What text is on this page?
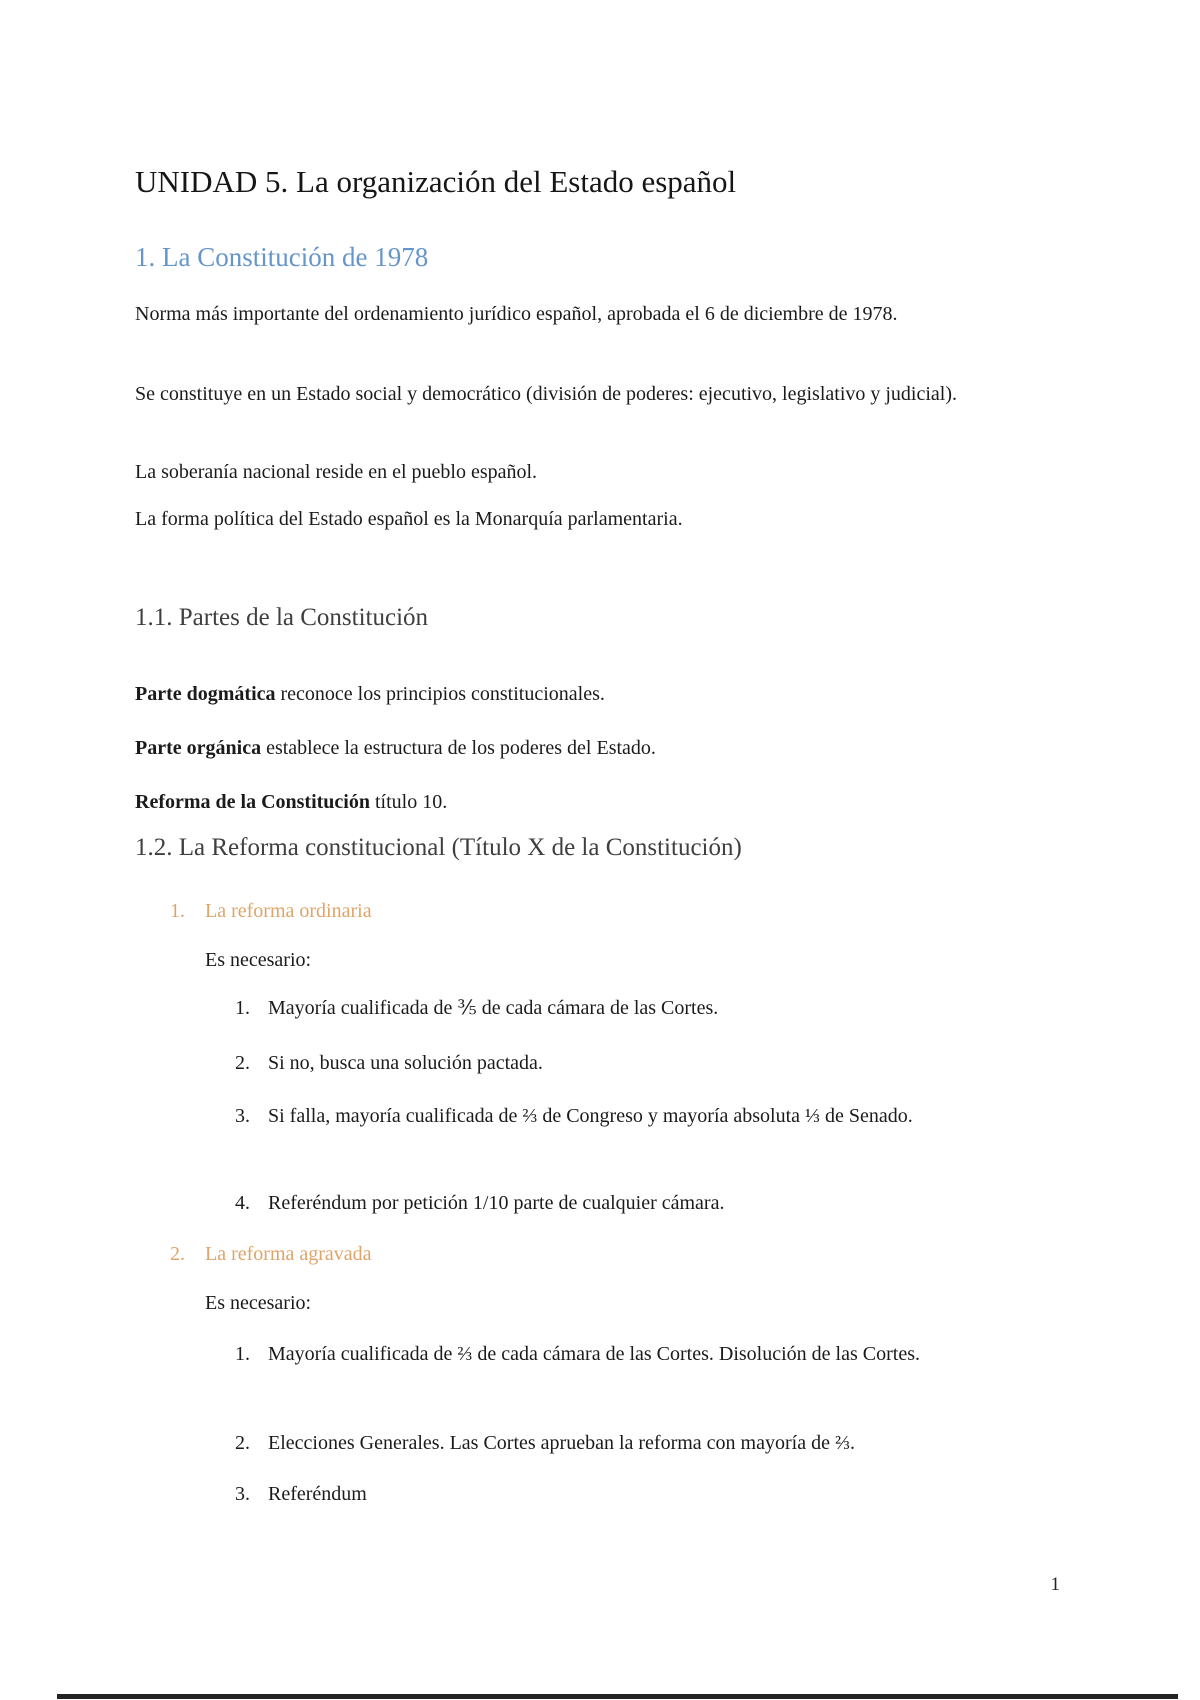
UNIDAD 5. La organización del Estado español
1. La Constitución de 1978

Norma más importante del ordenamiento jurídico español, aprobada el 6 de diciembre de 1978.

Se constituye en un Estado social y democrático (división de poderes: ejecutivo, legislativo y judicial).

La soberanía nacional reside en el pueblo español.

La forma política del Estado español es la Monarquía parlamentaria.

1.1. Partes de la Constitución

Parte dogmática reconoce los principios constitucionales.

Parte orgánica establece la estructura de los poderes del Estado.

Reforma de la Constitución título 10.

1.2. La Reforma constitucional (Título X de la Constitución)
1.	La reforma ordinaria

Es necesario:

1. Mayoría cualificada de ⅗ de cada cámara de las Cortes.
2. Si no, busca una solución pactada.
3. Si falla, mayoría cualificada de ⅔ de Congreso y mayoría absoluta ⅓ de Senado.
4. Referéndum por petición 1/10 parte de cualquier cámara.
2.	La reforma agravada

Es necesario:

1. Mayoría cualificada de ⅔ de cada cámara de las Cortes. Disolución de las Cortes.
2. Elecciones Generales. Las Cortes aprueban la reforma con mayoría de ⅔.
3. Referéndum
1
